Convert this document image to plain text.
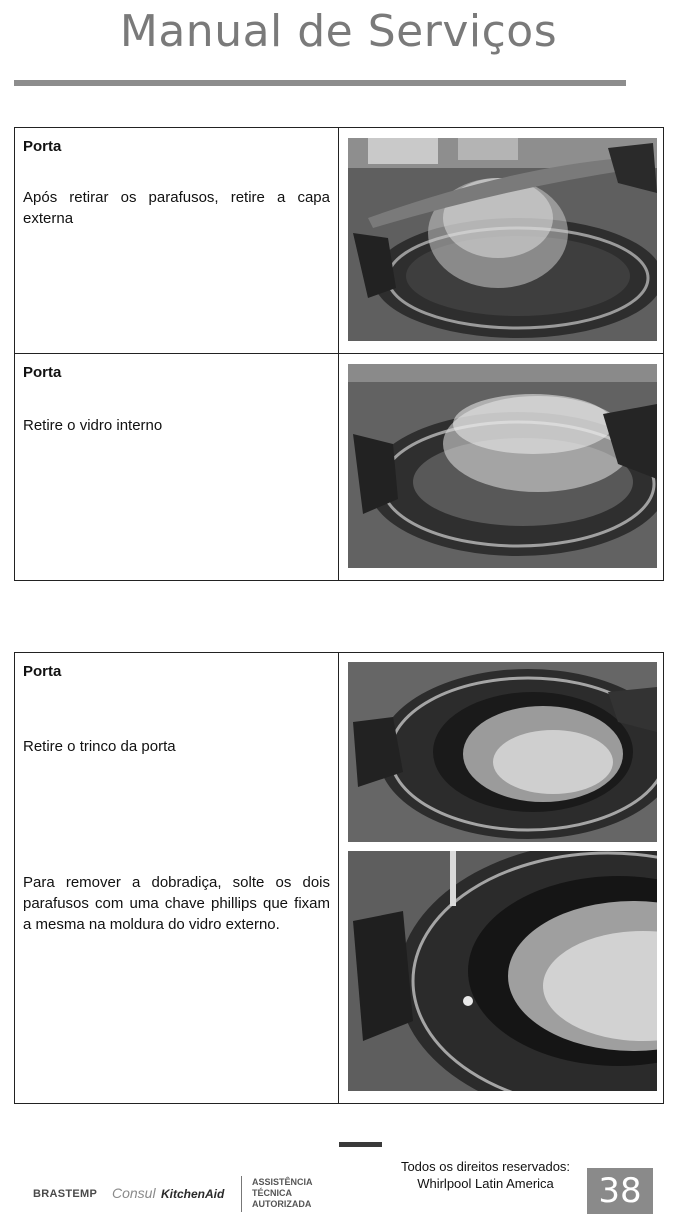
Manual de Serviços

Porta

Após retirar os parafusos, retire a capa externa	

Porta

Retire o vidro interno	

Porta

Retire o trinco da porta

Para remover a dobradiça, solte os dois parafusos com uma chave phillips que fixam a mesma na moldura do vidro externo.

BRASTEMP Consul KitchenAid
ASSISTÊNCIA
TÉCNICA
AUTORIZADA
Todos os direitos reservados:
Whirlpool Latin America	38
